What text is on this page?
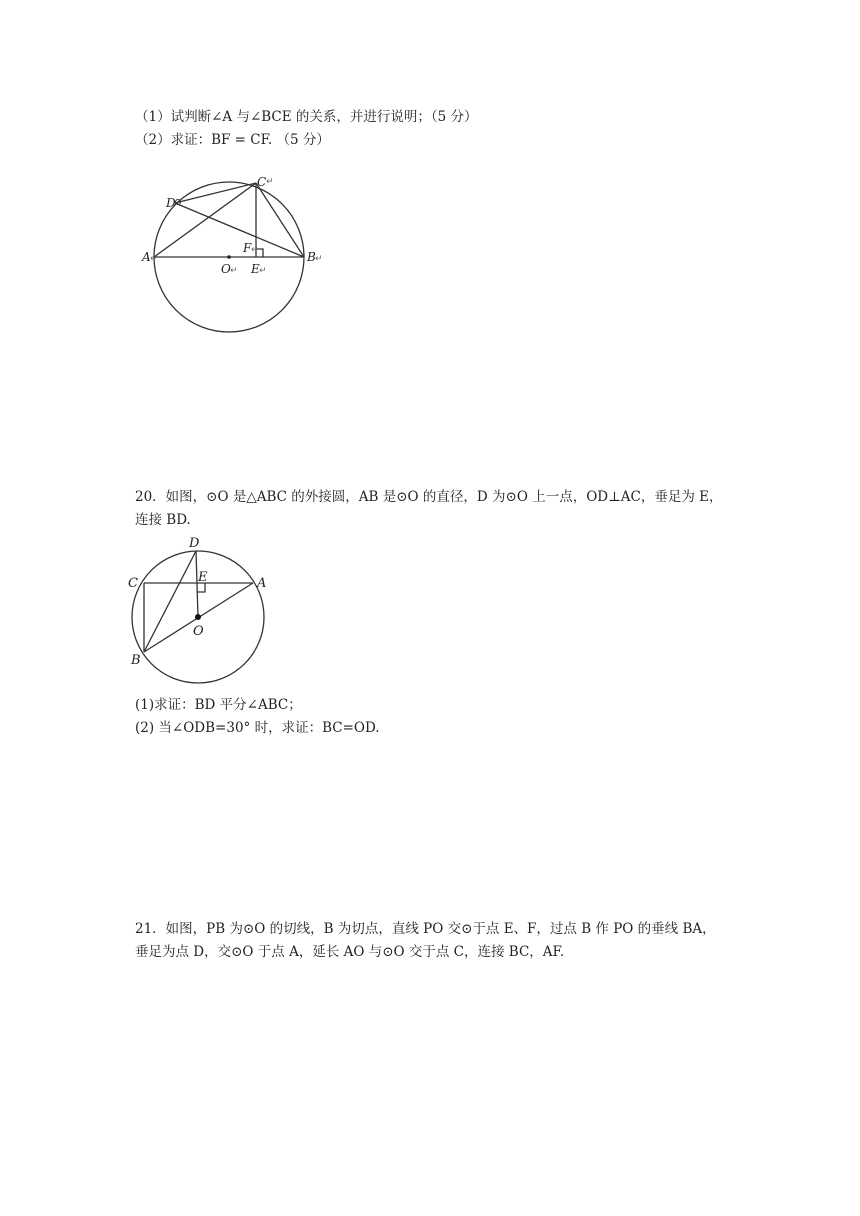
（1）试判断∠A 与∠BCE 的关系，并进行说明；（5 分）
（2）求证：BF = CF. （5 分）
D
C ↵
A ↵	B ↵
F ↵
O ↵ E ↵
20．如图，⊙O 是△ABC 的外接圆，AB 是⊙O 的直径，D 为⊙O 上一点，OD⊥AC，垂足为 E，
连接 BD.
D
C	E	A
O
B
(1)求证：BD 平分∠ABC；
(2) 当∠ODB=30° 时，求证：BC=OD.
21．如图，PB 为⊙O 的切线，B 为切点，直线 PO 交⊙于点 E、F，过点 B 作 PO 的垂线 BA，
垂足为点 D，交⊙O 于点 A，延长 AO 与⊙O 交于点 C，连接 BC，AF.
